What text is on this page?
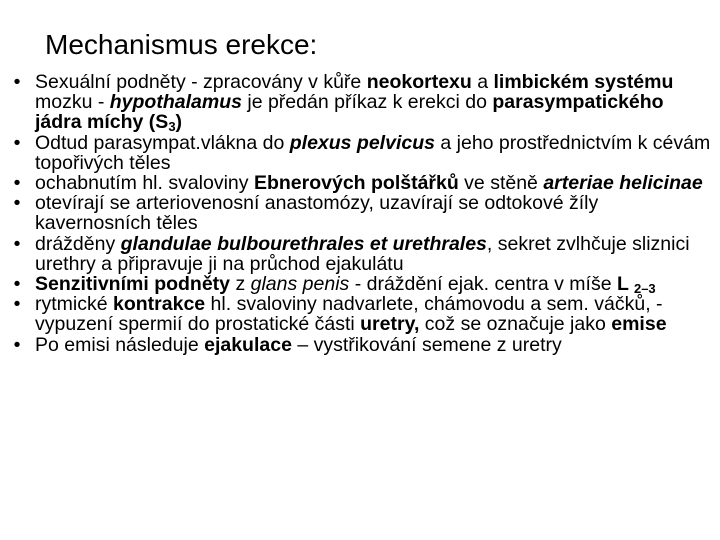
Mechanismus erekce:
• Sexuální podněty - zpracovány v kůře neokortexu a limbickém systému mozku - hypothalamus je předán příkaz k erekci do parasympatického jádra míchy $(S_3)$
• Odtud parasympat.vlákna do plexus pelvicus a jeho prostřednictvím k cévám topořivých těles
• ochabnutím hl. svaloviny Ebnerových polštářků ve stěně arteriae helicinae
• otevírají se arteriovenosní anastomózy, uzavírají se odtokové žíly kavernosních těles
• drážděny glandulae bulbourethrales et urethrales, sekret zvlhčuje sliznici urethry a připravuje ji na průchod ejakulátu
• Senzitivními podněty z glans penis - dráždění ejak. centra v míše L $_{2-3}$
• rytmické kontrakce hl. svaloviny nadvarlete, chámovodu a sem. váčků, - vypuzení spermií do prostatické části uretry, což se označuje jako emise
• Po emisi následuje ejakulace – vystřikování semene z uretry
